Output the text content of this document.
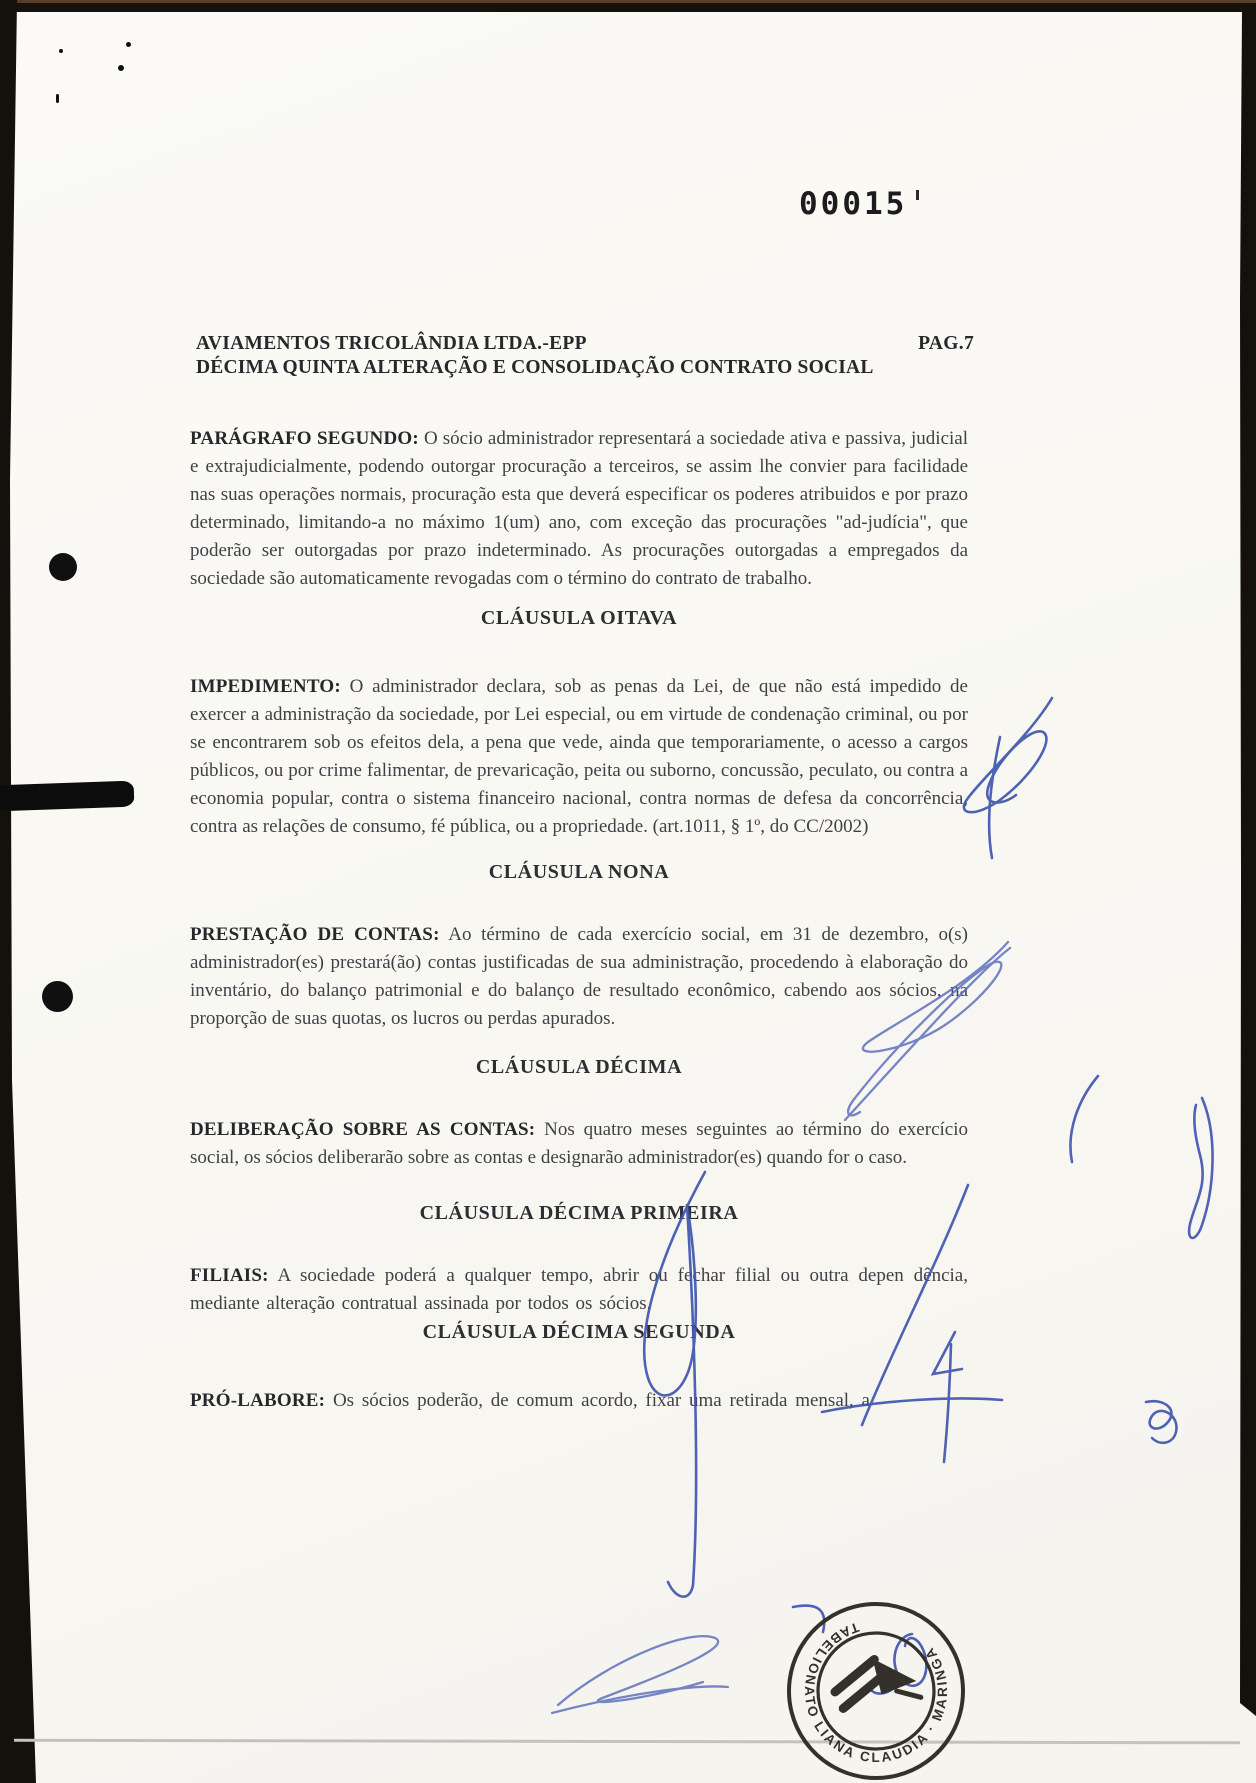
00015
AVIAMENTOS TRICOLÂNDIA LTDA.-EPP	PAG.7
DÉCIMA QUINTA ALTERAÇÃO E CONSOLIDAÇÃO CONTRATO SOCIAL

PARÁGRAFO SEGUNDO: O sócio administrador representará a sociedade ativa e passiva, judicial e extrajudicialmente, podendo outorgar procuração a terceiros, se assim lhe convier para facilidade nas suas operações normais, procuração esta que deverá especificar os poderes atribuidos e por prazo determinado, limitando-a no máximo 1(um) ano, com exceção das procurações "ad-judícia", que poderão ser outorgadas por prazo indeterminado. As procurações outorgadas a empregados da sociedade são automaticamente revogadas com o término do contrato de trabalho.

CLÁUSULA OITAVA

IMPEDIMENTO: O administrador declara, sob as penas da Lei, de que não está impedido de exercer a administração da sociedade, por Lei especial, ou em virtude de condenação criminal, ou por se encontrarem sob os efeitos dela, a pena que vede, ainda que temporariamente, o acesso a cargos públicos, ou por crime falimentar, de prevaricação, peita ou suborno, concussão, peculato, ou contra a economia popular, contra o sistema financeiro nacional, contra normas de defesa da concorrência, contra as relações de consumo, fé pública, ou a propriedade. (art.1011, § 1º, do CC/2002)

CLÁUSULA NONA

PRESTAÇÃO DE CONTAS: Ao término de cada exercício social, em 31 de dezembro, o(s) administrador(es) prestará(ão) contas justificadas de sua administração, procedendo à elaboração do inventário, do balanço patrimonial e do balanço de resultado econômico, cabendo aos sócios, na proporção de suas quotas, os lucros ou perdas apurados.

CLÁUSULA DÉCIMA

DELIBERAÇÃO SOBRE AS CONTAS: Nos quatro meses seguintes ao término do exercício social, os sócios deliberarão sobre as contas e designarão administrador(es) quando for o caso.

CLÁUSULA DÉCIMA PRIMEIRA

FILIAIS: A sociedade poderá a qualquer tempo, abrir ou fechar filial ou outra depen dência, mediante alteração contratual assinada por todos os sócios.

CLÁUSULA DÉCIMA SEGUNDA

PRÓ-LABORE: Os sócios poderão, de comum acordo, fixar uma retirada mensal, a

TABELIONATO LIANA CLAUDIA · MARINGÁ
